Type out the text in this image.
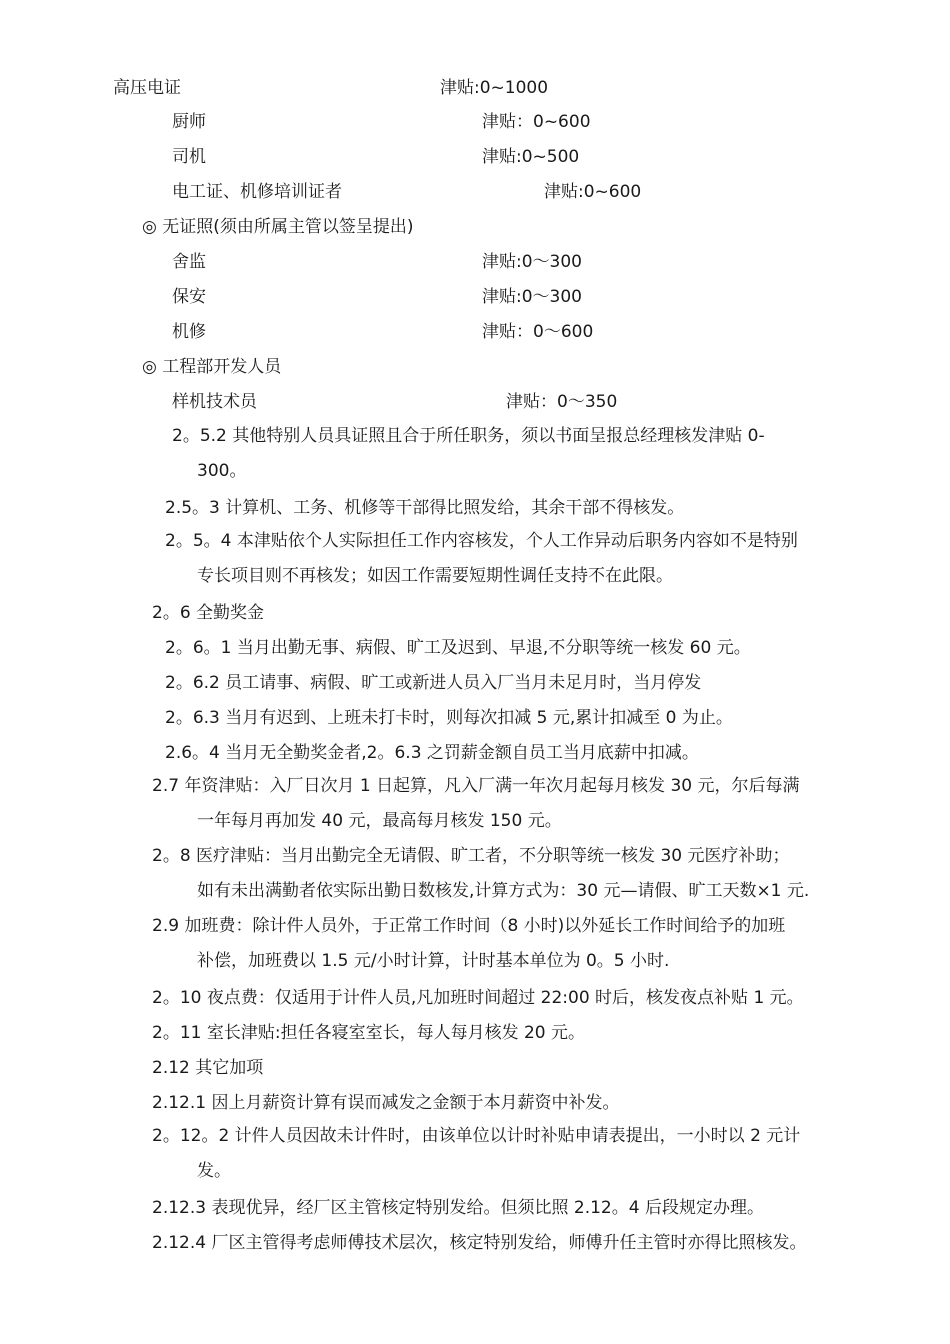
高压电证	津贴:0~1000
厨师	津贴：0~600
司机	津贴:0~500
电工证、机修培训证者	津贴:0~600
◎ 无证照(须由所属主管以签呈提出)
舍监	津贴:0～300
保安	津贴:0～300
机修	津贴：0～600
◎ 工程部开发人员
样机技术员	津贴：0～350
2。5.2 其他特别人员具证照且合于所任职务，须以书面呈报总经理核发津贴 0-
300。
2.5。3 计算机、工务、机修等干部得比照发给，其余干部不得核发。
2。5。4 本津贴依个人实际担任工作内容核发，个人工作异动后职务内容如不是特别
专长项目则不再核发；如因工作需要短期性调任支持不在此限。
2。6 全勤奖金
2。6。1 当月出勤无事、病假、旷工及迟到、早退,不分职等统一核发 60 元。
2。6.2 员工请事、病假、旷工或新进人员入厂当月未足月时，当月停发
2。6.3 当月有迟到、上班未打卡时，则每次扣减 5 元,累计扣减至 0 为止。
2.6。4 当月无全勤奖金者,2。6.3 之罚薪金额自员工当月底薪中扣减。
2.7 年资津贴：入厂日次月 1 日起算，凡入厂满一年次月起每月核发 30 元，尔后每满
一年每月再加发 40 元，最高每月核发 150 元。
2。8 医疗津贴：当月出勤完全无请假、旷工者，不分职等统一核发 30 元医疗补助；
如有未出满勤者依实际出勤日数核发,计算方式为：30 元—请假、旷工天数×1 元.
2.9 加班费：除计件人员外，于正常工作时间（8 小时)以外延长工作时间给予的加班
补偿，加班费以 1.5 元/小时计算，计时基本单位为 0。5 小时.
2。10 夜点费：仅适用于计件人员,凡加班时间超过 22:00 时后，核发夜点补贴 1 元。
2。11 室长津贴:担任各寝室室长，每人每月核发 20 元。
2.12 其它加项
2.12.1 因上月薪资计算有误而减发之金额于本月薪资中补发。
2。12。2 计件人员因故未计件时，由该单位以计时补贴申请表提出，一小时以 2 元计
发。
2.12.3 表现优异，经厂区主管核定特别发给。但须比照 2.12。4 后段规定办理。
2.12.4 厂区主管得考虑师傅技术层次，核定特别发给，师傅升任主管时亦得比照核发。
